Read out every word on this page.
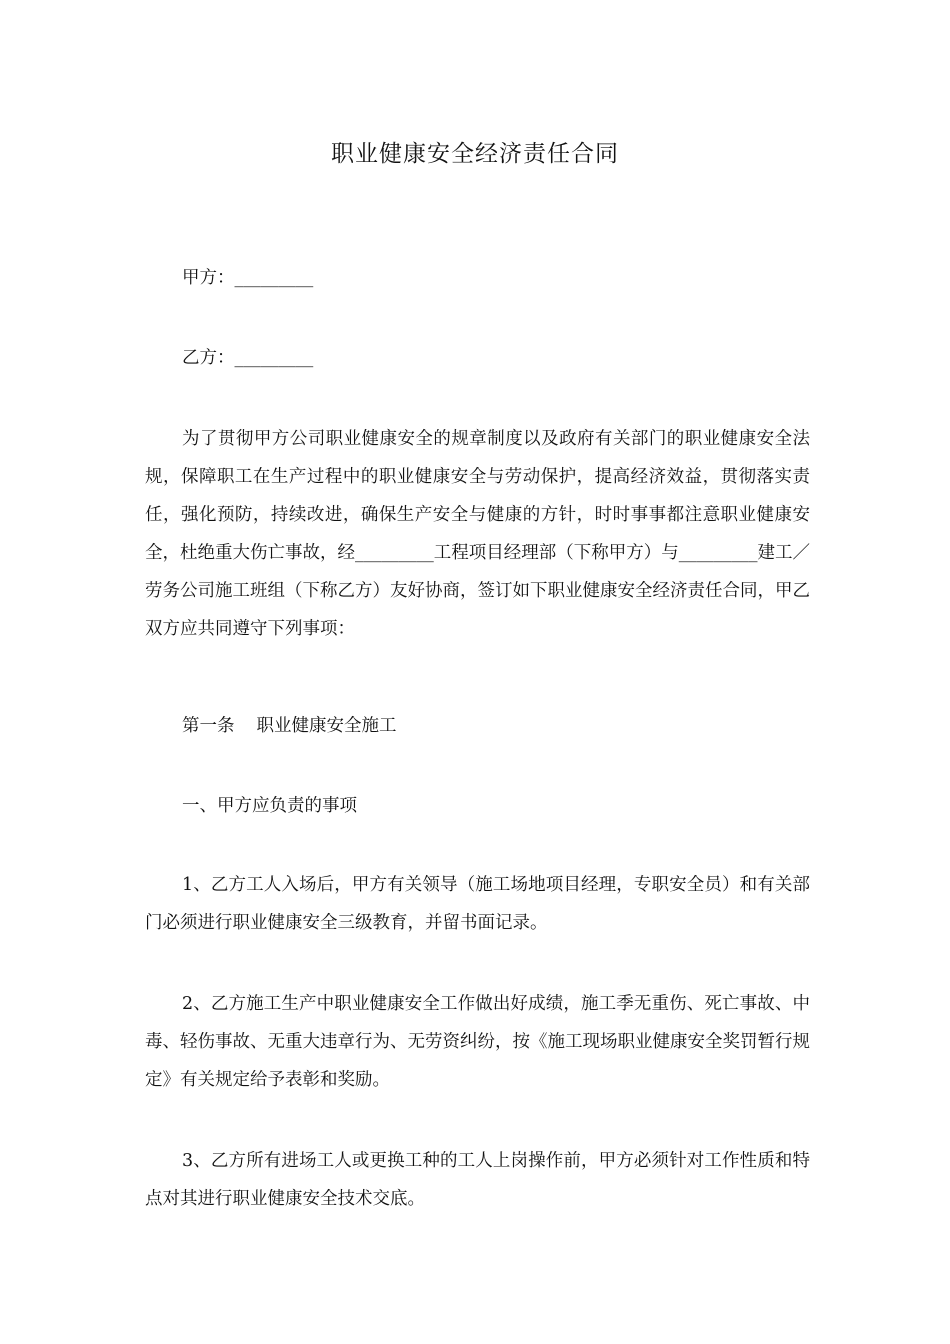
职业健康安全经济责任合同

甲方：_________

乙方：_________

为了贯彻甲方公司职业健康安全的规章制度以及政府有关部门的职业健康安全法规，保障职工在生产过程中的职业健康安全与劳动保护，提高经济效益，贯彻落实责任，强化预防，持续改进，确保生产安全与健康的方针，时时事事都注意职业健康安全，杜绝重大伤亡事故，经_________工程项目经理部（下称甲方）与_________建工／劳务公司施工班组（下称乙方）友好协商，签订如下职业健康安全经济责任合同，甲乙双方应共同遵守下列事项：

第一条 职业健康安全施工

一、甲方应负责的事项

1、乙方工人入场后，甲方有关领导（施工场地项目经理，专职安全员）和有关部门必须进行职业健康安全三级教育，并留书面记录。

2、乙方施工生产中职业健康安全工作做出好成绩，施工季无重伤、死亡事故、中毒、轻伤事故、无重大违章行为、无劳资纠纷，按《施工现场职业健康安全奖罚暂行规定》有关规定给予表彰和奖励。

3、乙方所有进场工人或更换工种的工人上岗操作前，甲方必须针对工作性质和特点对其进行职业健康安全技术交底。
